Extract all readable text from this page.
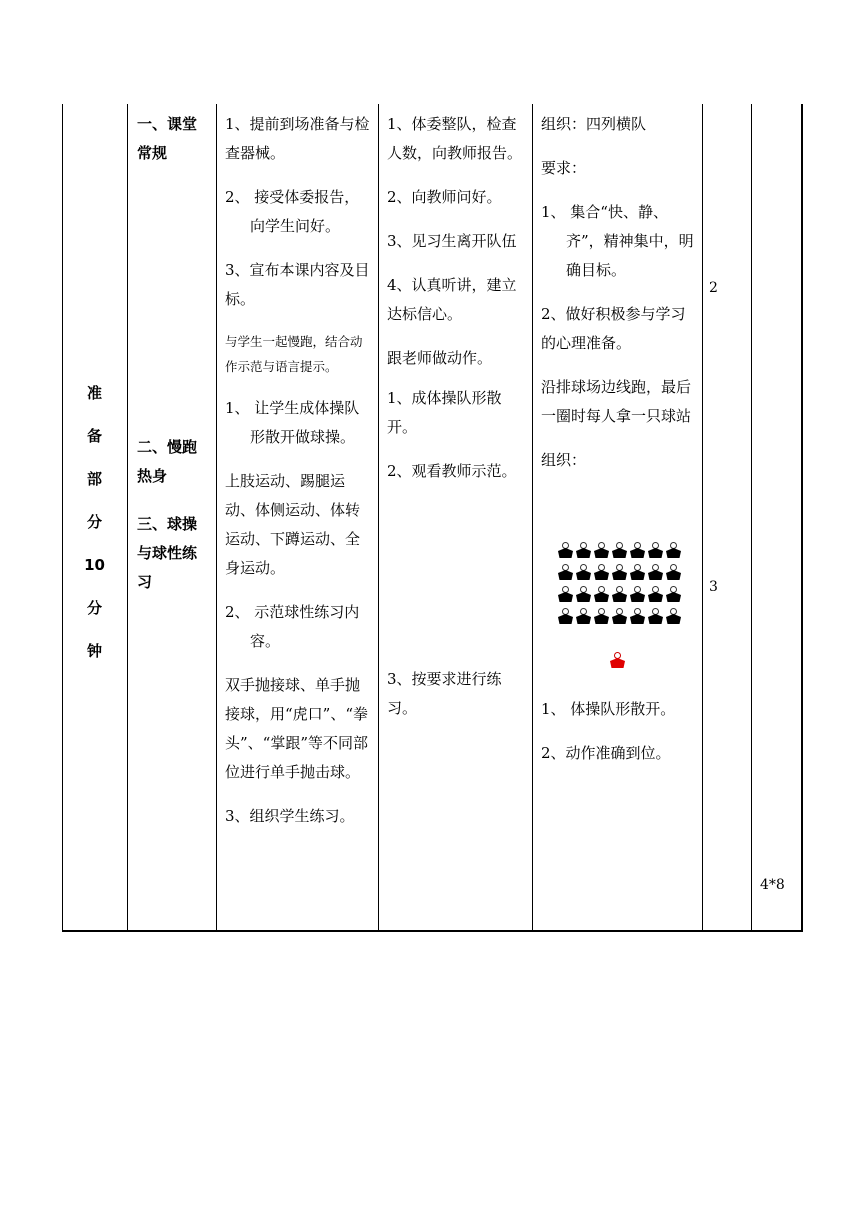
准
备
部
分
10
分
钟
一、课堂
常规
二、慢跑
热身
三、球操
与球性练
习
1、提前到场准备与检查器械。
2、 接受体委报告，向学生问好。
3、宣布本课内容及目 标。
与学生一起慢跑，结合动作示范与语言提示。
1、 让学生成体操队形散开做球操。
上肢运动、踢腿运动、体侧运动、体转运动、下蹲运动、全身运动。
2、 示范球性练习内容。
双手抛接球、单手抛接球，用“虎口”、“拳头”、“掌跟”等不同部位进行单手抛击球。
3、组织学生练习。
1、体委整队，检查人数，向教师报告。
2、向教师问好。
3、见习生离开队伍
4、认真听讲，建立达标信心。
跟老师做动作。
1、成体操队形散开。
2、观看教师示范。
3、按要求进行练习。
组织：四列横队
要求：
1、 集合“快、静、齐”，精神集中，明确目标。
2、做好积极参与学习的心理准备。
沿排球场边线跑，最后一圈时每人拿一只球站
组织：
1、 体操队形散开。
2、动作准确到位。
2
3
4*8
